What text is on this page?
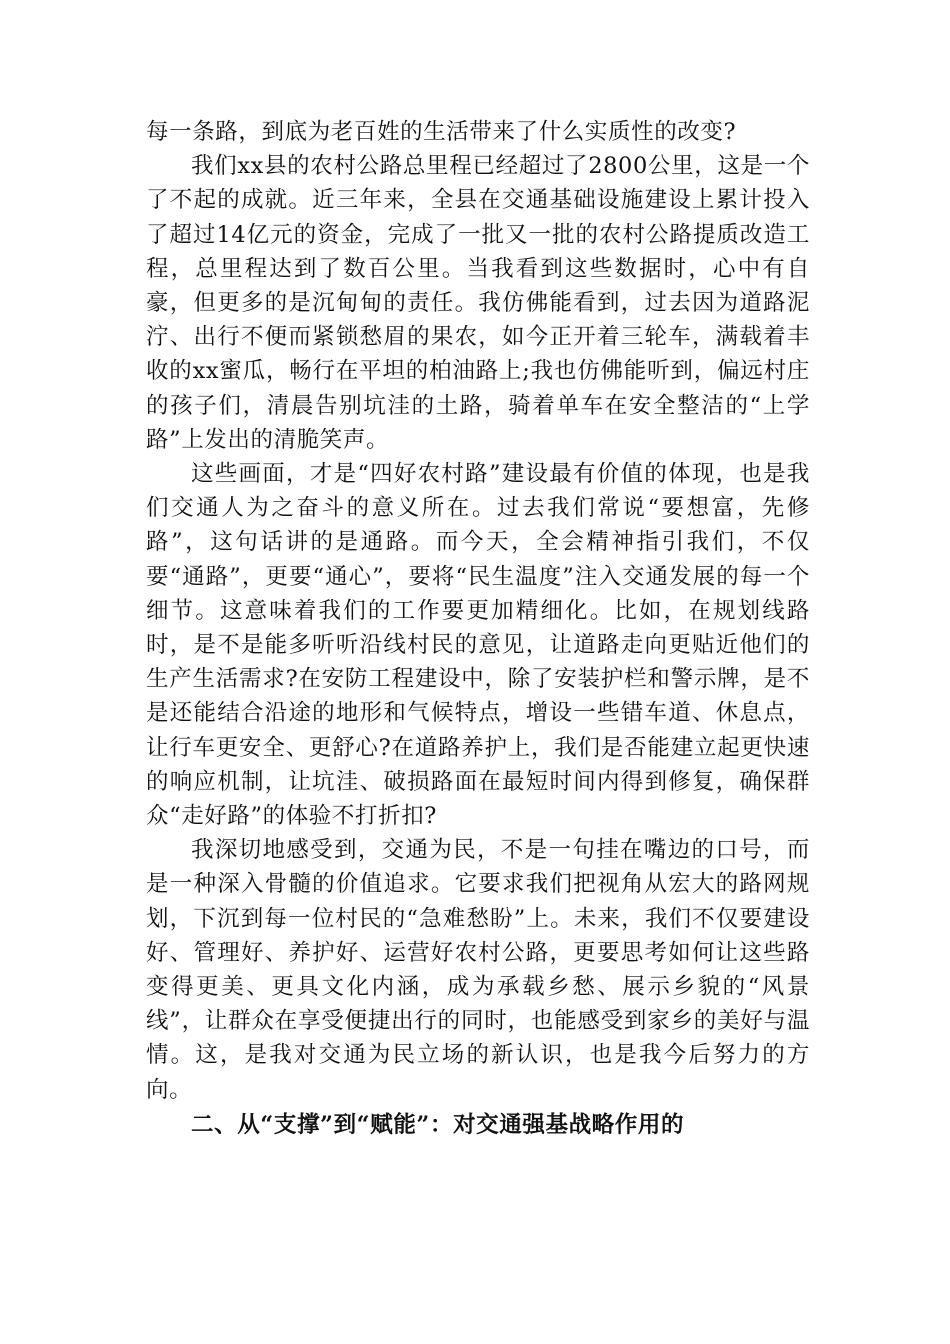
每一条路，到底为老百姓的生活带来了什么实质性的改变?

我们xx县的农村公路总里程已经超过了2800公里，这是一个了不起的成就。近三年来，全县在交通基础设施建设上累计投入了超过14亿元的资金，完成了一批又一批的农村公路提质改造工程，总里程达到了数百公里。当我看到这些数据时，心中有自豪，但更多的是沉甸甸的责任。我仿佛能看到，过去因为道路泥泞、出行不便而紧锁愁眉的果农，如今正开着三轮车，满载着丰收的xx蜜瓜，畅行在平坦的柏油路上;我也仿佛能听到，偏远村庄的孩子们，清晨告别坑洼的土路，骑着单车在安全整洁的“上学路”上发出的清脆笑声。

这些画面，才是“四好农村路”建设最有价值的体现，也是我们交通人为之奋斗的意义所在。过去我们常说“要想富，先修路”，这句话讲的是通路。而今天，全会精神指引我们，不仅要“通路”，更要“通心”，要将“民生温度”注入交通发展的每一个细节。这意味着我们的工作要更加精细化。比如，在规划线路时，是不是能多听听沿线村民的意见，让道路走向更贴近他们的生产生活需求?在安防工程建设中，除了安装护栏和警示牌，是不是还能结合沿途的地形和气候特点，增设一些错车道、休息点，让行车更安全、更舒心?在道路养护上，我们是否能建立起更快速的响应机制，让坑洼、破损路面在最短时间内得到修复，确保群众“走好路”的体验不打折扣?

我深切地感受到，交通为民，不是一句挂在嘴边的口号，而是一种深入骨髓的价值追求。它要求我们把视角从宏大的路网规划，下沉到每一位村民的“急难愁盼”上。未来，我们不仅要建设好、管理好、养护好、运营好农村公路，更要思考如何让这些路变得更美、更具文化内涵，成为承载乡愁、展示乡貌的“风景线”，让群众在享受便捷出行的同时，也能感受到家乡的美好与温情。这，是我对交通为民立场的新认识，也是我今后努力的方向。

二、从“支撑”到“赋能”：对交通强基战略作用的
